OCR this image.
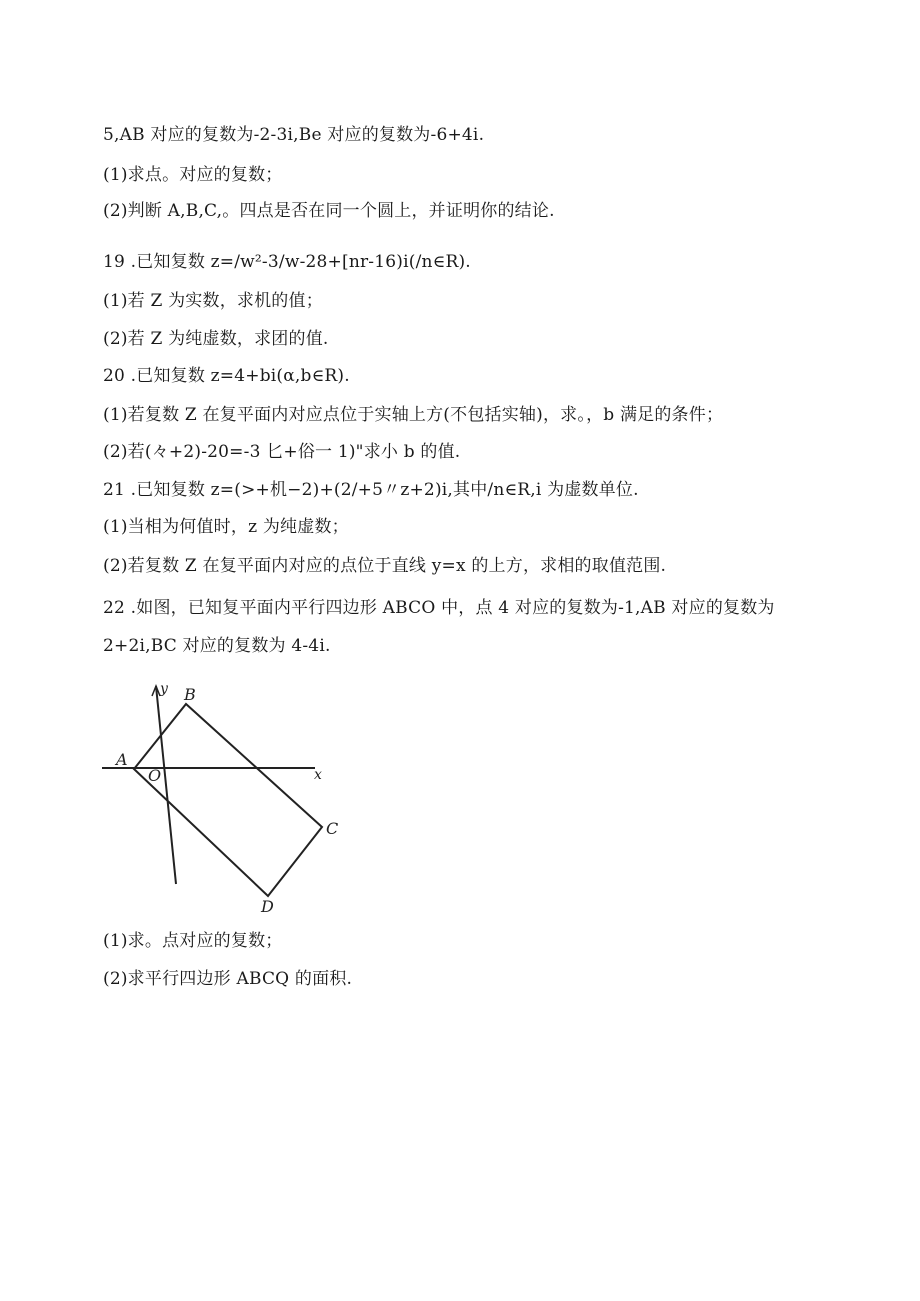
5,AB 对应的复数为-2-3i,Be 对应的复数为-6+4i.
(1)求点。对应的复数；
(2)判断 A,B,C,。四点是否在同一个圆上，并证明你的结论.
19 .已知复数 z=/w²-3/w-28+[nr-16)i(/n∈R).
(1)若 Z 为实数，求机的值；
(2)若 Z 为纯虚数，求团的值.
20 .已知复数 z=4+bi(α,b∈R).
(1)若复数 Z 在复平面内对应点位于实轴上方(不包括实轴)，求。，b 满足的条件；
(2)若(々+2)-20=-3 匕+俗一 1)"求小 b 的值.
21 .已知复数 z=(>+机−2)+(2/+5〃z+2)i,其中/n∈R,i 为虚数单位.
(1)当相为何值时，z 为纯虚数；
(2)若复数 Z 在复平面内对应的点位于直线 y=x 的上方，求相的取值范围.
22 .如图，已知复平面内平行四边形 ABCO 中，点 4 对应的复数为-1,AB 对应的复数为
2+2i,BC 对应的复数为 4-4i.
(1)求。点对应的复数；
(2)求平行四边形 ABCQ 的面积.
A
B
C
D
O	x
y
